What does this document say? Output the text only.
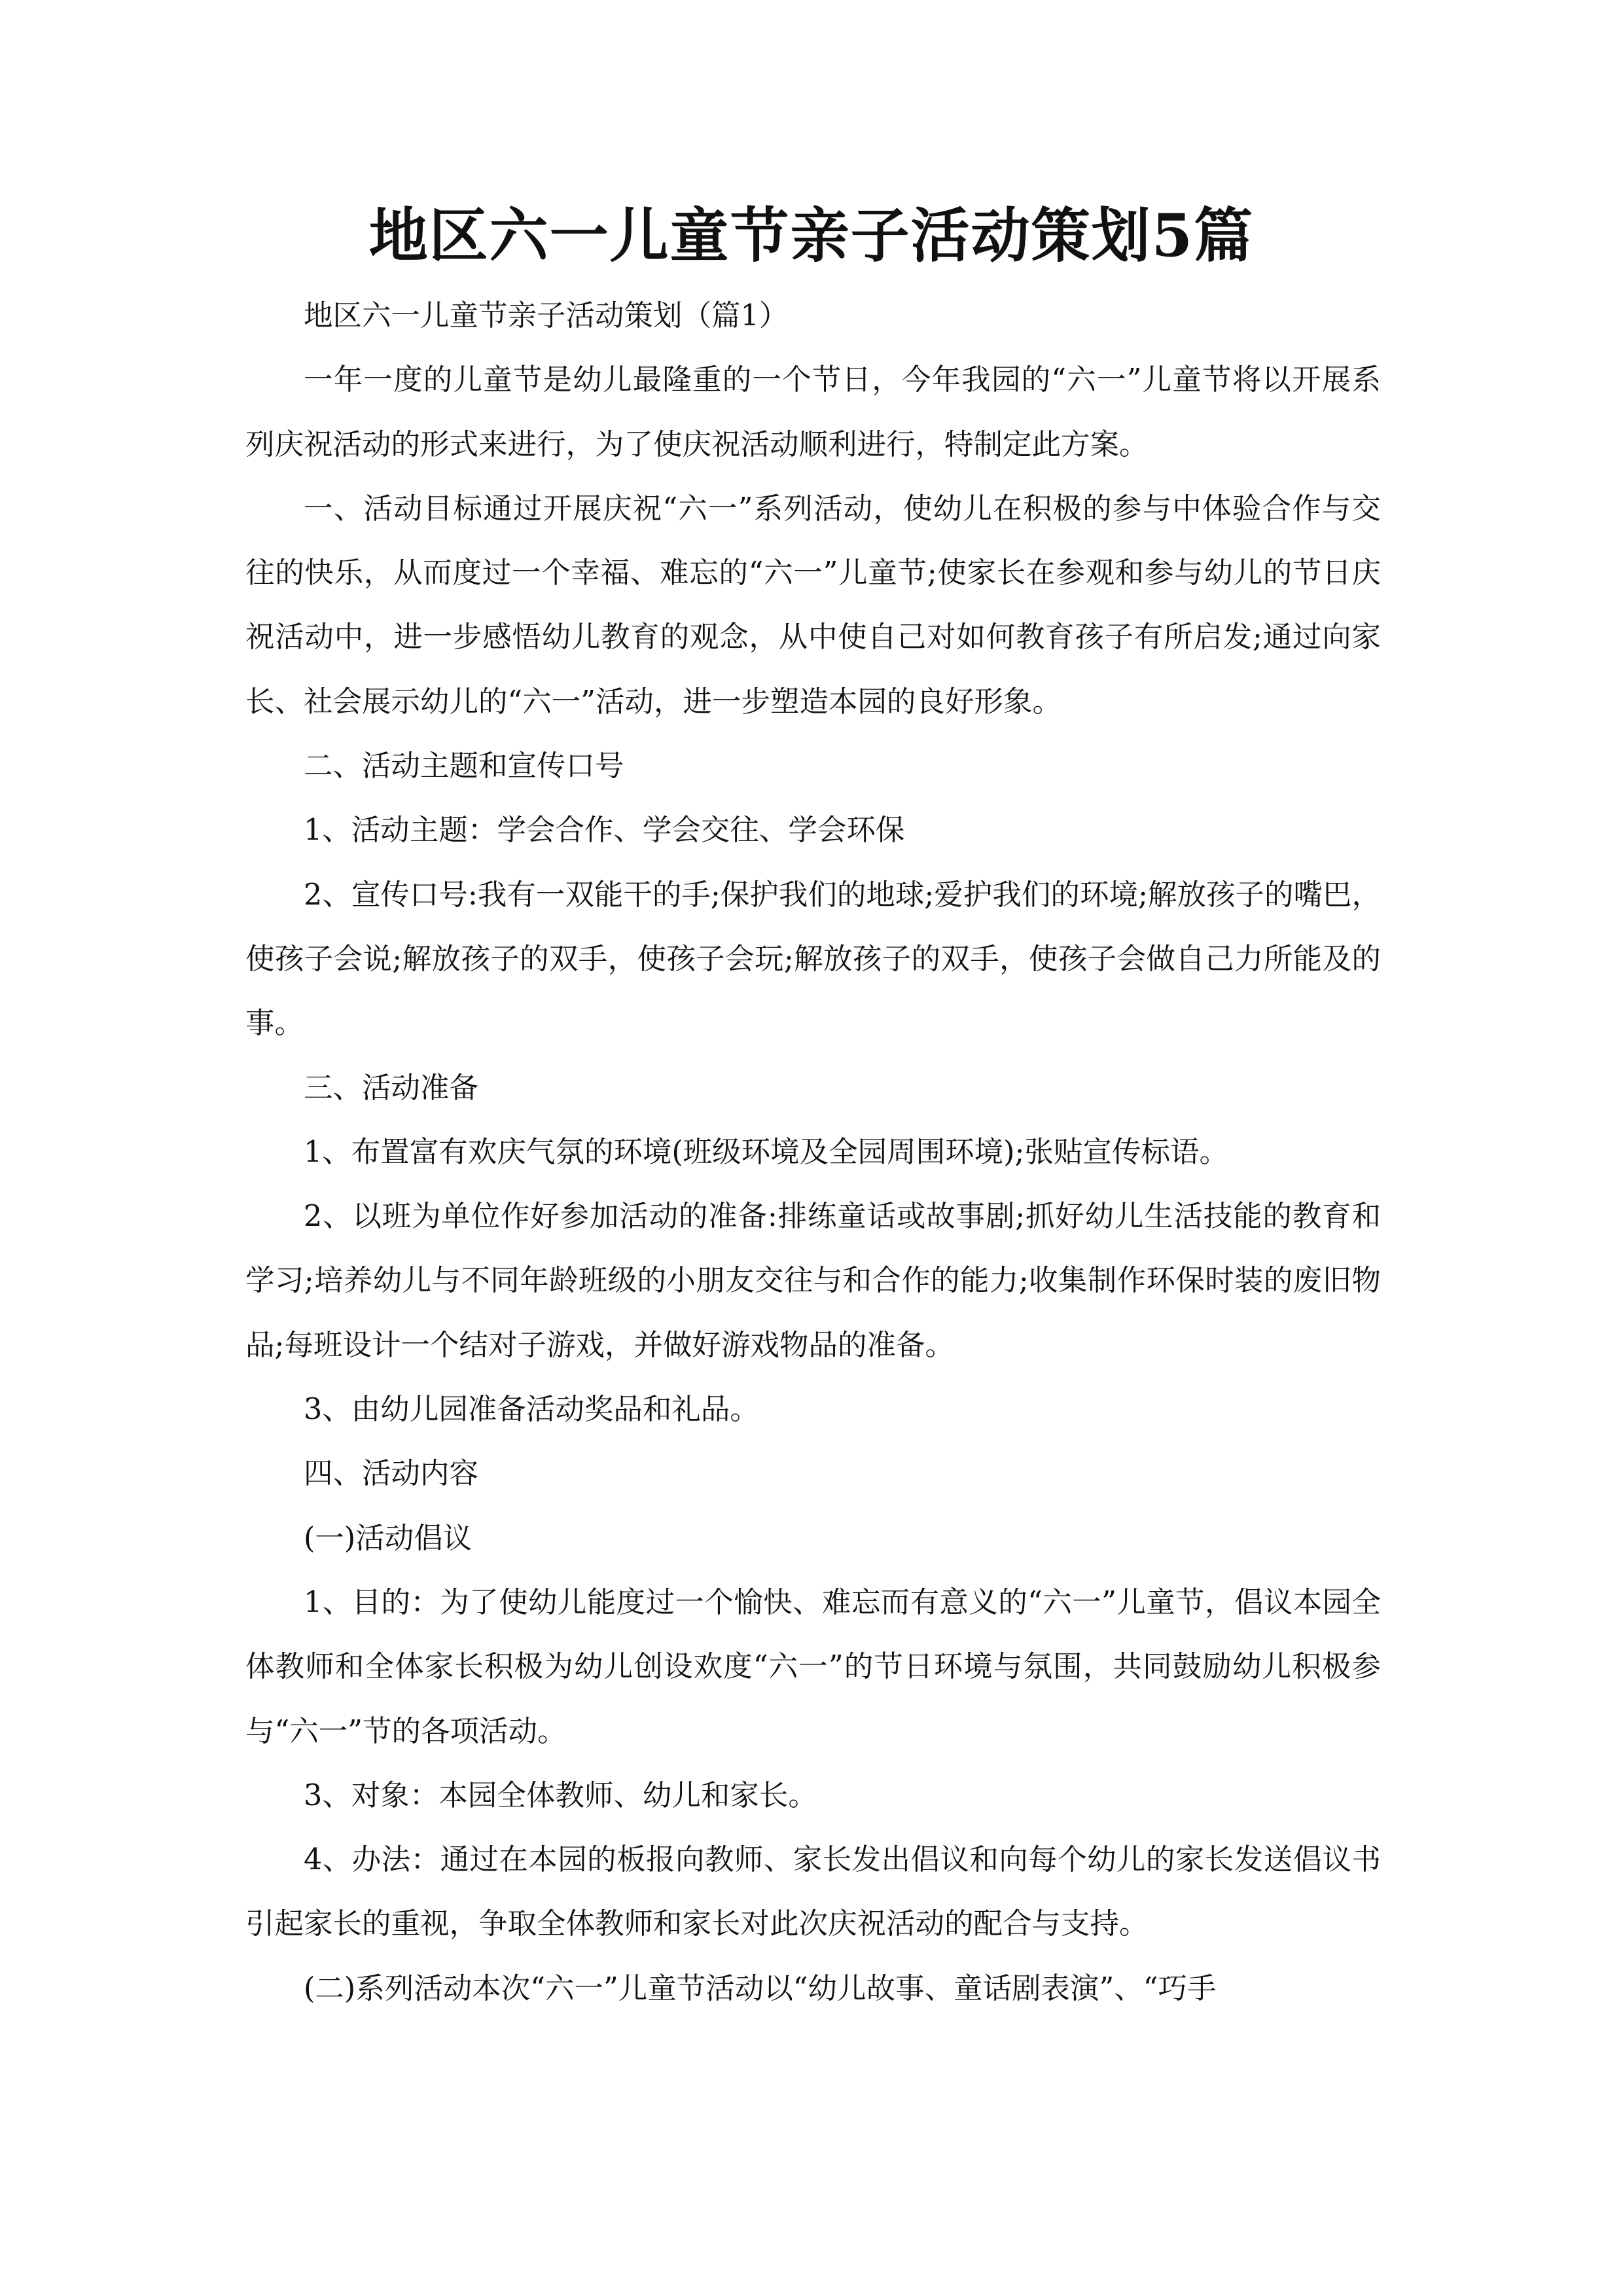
地区六一儿童节亲子活动策划5篇

地区六一儿童节亲子活动策划（篇1）

一年一度的儿童节是幼儿最隆重的一个节日，今年我园的“六一”儿童节将以开展系列庆祝活动的形式来进行，为了使庆祝活动顺利进行，特制定此方案。

一、活动目标通过开展庆祝“六一”系列活动，使幼儿在积极的参与中体验合作与交往的快乐，从而度过一个幸福、难忘的“六一”儿童节;使家长在参观和参与幼儿的节日庆祝活动中，进一步感悟幼儿教育的观念，从中使自己对如何教育孩子有所启发;通过向家长、社会展示幼儿的“六一”活动，进一步塑造本园的良好形象。

二、活动主题和宣传口号

1、活动主题：学会合作、学会交往、学会环保

2、宣传口号:我有一双能干的手;保护我们的地球;爱护我们的环境;解放孩子的嘴巴，使孩子会说;解放孩子的双手，使孩子会玩;解放孩子的双手，使孩子会做自己力所能及的事。

三、活动准备

1、布置富有欢庆气氛的环境(班级环境及全园周围环境);张贴宣传标语。

2、以班为单位作好参加活动的准备:排练童话或故事剧;抓好幼儿生活技能的教育和学习;培养幼儿与不同年龄班级的小朋友交往与和合作的能力;收集制作环保时装的废旧物品;每班设计一个结对子游戏，并做好游戏物品的准备。

3、由幼儿园准备活动奖品和礼品。

四、活动内容

(一)活动倡议

1、目的：为了使幼儿能度过一个愉快、难忘而有意义的“六一”儿童节，倡议本园全体教师和全体家长积极为幼儿创设欢度“六一”的节日环境与氛围，共同鼓励幼儿积极参与“六一”节的各项活动。

3、对象：本园全体教师、幼儿和家长。

4、办法：通过在本园的板报向教师、家长发出倡议和向每个幼儿的家长发送倡议书引起家长的重视，争取全体教师和家长对此次庆祝活动的配合与支持。

(二)系列活动本次“六一”儿童节活动以“幼儿故事、童话剧表演”、“巧手
